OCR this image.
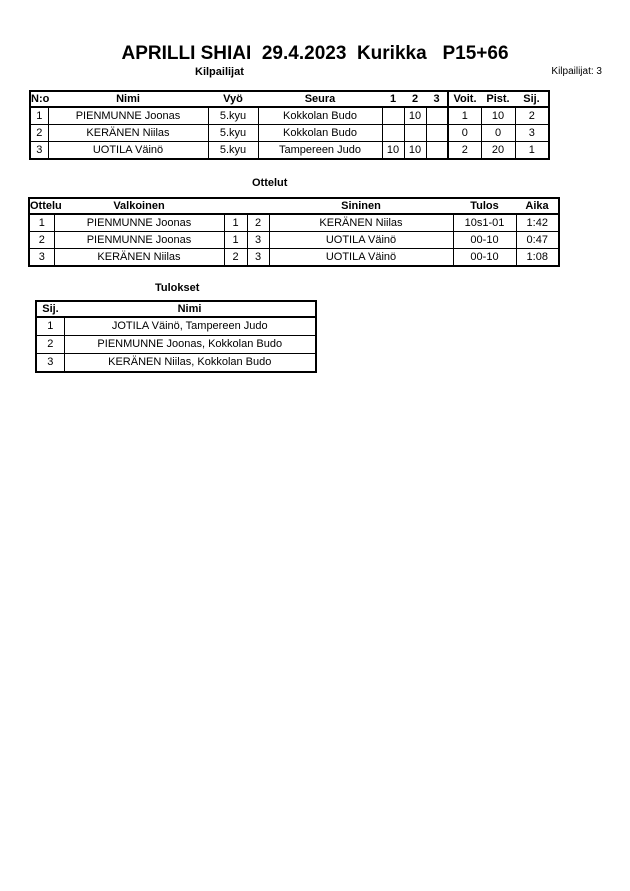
APRILLI SHIAI  29.4.2023  Kurikka   P15+66
Kilpailijat	Kilpailijat: 3
N:o	Nimi	Vyö	Seura	1	2	3	Voit.	Pist.	Sij.
1	PIENMUNNE Joonas	5.kyu	Kokkolan Budo		10		1	10	2
2	KERÄNEN Niilas	5.kyu	Kokkolan Budo				0	0	3
3	UOTILA Väinö	5.kyu	Tampereen Judo	10	10		2	20	1
Ottelut
Ottelu	Valkoinen			Sininen	Tulos	Aika
1	PIENMUNNE Joonas	1	2	KERÄNEN Niilas	10s1-01	1:42
2	PIENMUNNE Joonas	1	3	UOTILA Väinö	00-10	0:47
3	KERÄNEN Niilas	2	3	UOTILA Väinö	00-10	1:08
Tulokset
Sij.	Nimi
1	JOTILA Väinö, Tampereen Judo
2	PIENMUNNE Joonas, Kokkolan Budo
3	KERÄNEN Niilas, Kokkolan Budo
